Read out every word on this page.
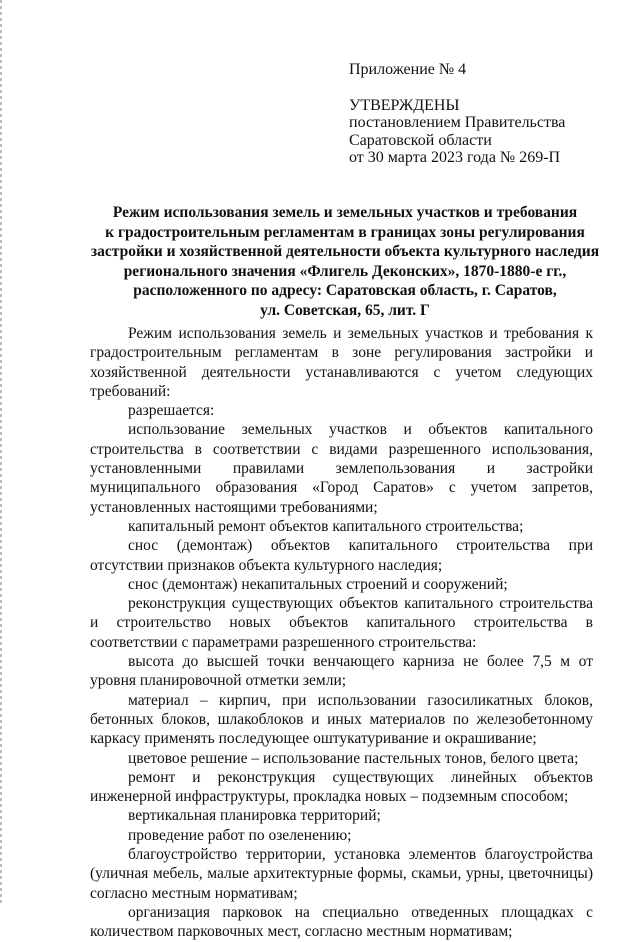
Приложение № 4
УТВЕРЖДЕНЫ
постановлением Правительства
Саратовской области
от 30 марта 2023 года № 269-П
Режим использования земель и земельных участков и требования
к градостроительным регламентам в границах зоны регулирования
застройки и хозяйственной деятельности объекта культурного наследия
регионального значения «Флигель Деконских», 1870-1880-е гг.,
расположенного по адресу: Саратовская область, г. Саратов,
ул. Советская, 65, лит. Г

Режим использования земель и земельных участков и требования к градостроительным регламентам в зоне регулирования застройки и хозяйственной деятельности устанавливаются с учетом следующих требований:

разрешается:

использование земельных участков и объектов капитального строительства в соответствии с видами разрешенного использования, установленными правилами землепользования и застройки муниципального образования «Город Саратов» с учетом запретов, установленных настоящими требованиями;

капитальный ремонт объектов капитального строительства;

снос (демонтаж) объектов капитального строительства при отсутствии признаков объекта культурного наследия;

снос (демонтаж) некапитальных строений и сооружений;

реконструкция существующих объектов капитального строительства и строительство новых объектов капитального строительства в соответствии с параметрами разрешенного строительства:

высота до высшей точки венчающего карниза не более 7,5 м от уровня планировочной отметки земли;

материал – кирпич, при использовании газосиликатных блоков, бетонных блоков, шлакоблоков и иных материалов по железобетонному каркасу применять последующее оштукатуривание и окрашивание;

цветовое решение – использование пастельных тонов, белого цвета;

ремонт и реконструкция существующих линейных объектов инженерной инфраструктуры, прокладка новых – подземным способом;

вертикальная планировка территорий;

проведение работ по озеленению;

благоустройство территории, установка элементов благоустройства (уличная мебель, малые архитектурные формы, скамьи, урны, цветочницы) согласно местным нормативам;

организация парковок на специально отведенных площадках с количеством парковочных мест, согласно местным нормативам;
